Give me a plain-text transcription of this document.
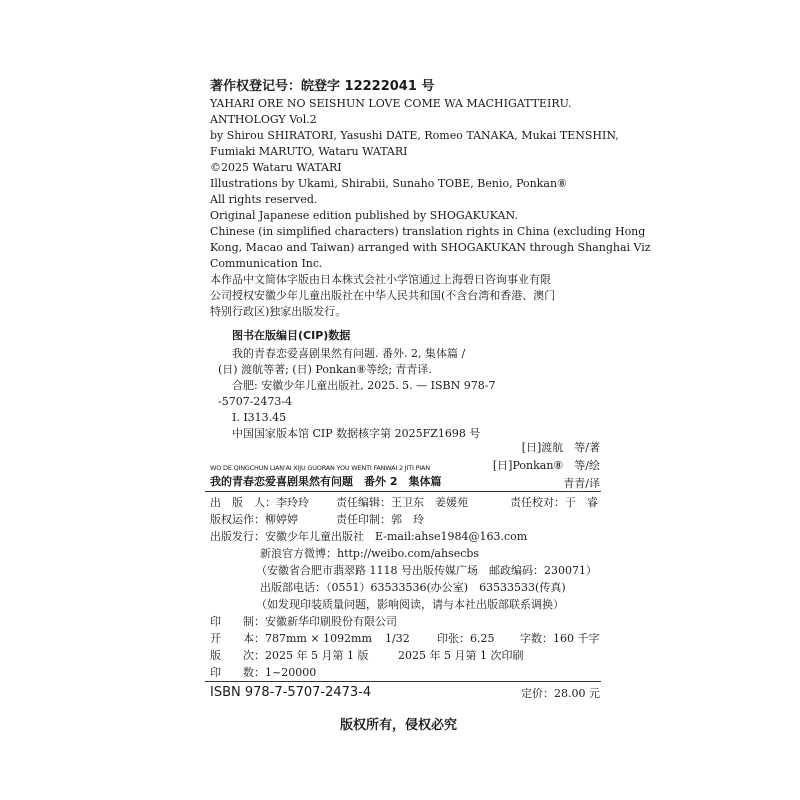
著作权登记号：皖登字 12222041 号
YAHARI ORE NO SEISHUN LOVE COME WA MACHIGATTEIRU.
ANTHOLOGY Vol.2
by Shirou SHIRATORI, Yasushi DATE, Romeo TANAKA, Mukai TENSHIN,
Fumiaki MARUTO, Wataru WATARI
©2025 Wataru WATARI
Illustrations by Ukami, Shirabii, Sunaho TOBE, Benio, Ponkan⑧
All rights reserved.
Original Japanese edition published by SHOGAKUKAN.
Chinese (in simplified characters) translation rights in China (excluding Hong
Kong, Macao and Taiwan) arranged with SHOGAKUKAN through Shanghai Viz
Communication Inc.
本作品中文简体字版由日本株式会社小学馆通过上海碧日咨询事业有限
公司授权安徽少年儿童出版社在中华人民共和国(不含台湾和香港、澳门
特别行政区)独家出版发行。
图书在版编目(CIP)数据
我的青春恋爱喜剧果然有问题. 番外. 2, 集体篇 /
(日) 渡航等著; (日) Ponkan⑧等绘; 青青译.
合肥: 安徽少年儿童出版社, 2025. 5. — ISBN 978-7
-5707-2473-4
Ⅰ. I313.45
中国国家版本馆 CIP 数据核字第 2025FZ1698 号
[日]渡航　等/著
WO DE QINGCHUN LIAN'AI XIJU GUORAN YOU WENTI FANWAI 2 JITI PIAN	[日]Ponkan⑧　等/绘
我的青春恋爱喜剧果然有问题　番外 2　集体篇	青青/译
出　版　人：李玲玲 责任编辑：王卫东　姜媛苑	责任校对：于　睿
版权运作：柳婷婷	责任印制：郭　玲
出版发行：安徽少年儿童出版社　E-mail:ahse1984@163.com
新浪官方微博：http://weibo.com/ahsecbs
（安徽省合肥市翡翠路 1118 号出版传媒广场　邮政编码：230071）
出版部电话：（0551）63533536(办公室)　63533533(传真)
（如发现印装质量问题，影响阅读，请与本社出版部联系调换）
印　　制：安徽新华印刷股份有限公司
开　　本：787mm × 1092mm 1/32 印张：6.25 字数：160 千字
版　　次：2025 年 5 月第 1 版	2025 年 5 月第 1 次印刷
印　　数：1~20000
ISBN 978-7-5707-2473-4	定价：28.00 元
版权所有，侵权必究
